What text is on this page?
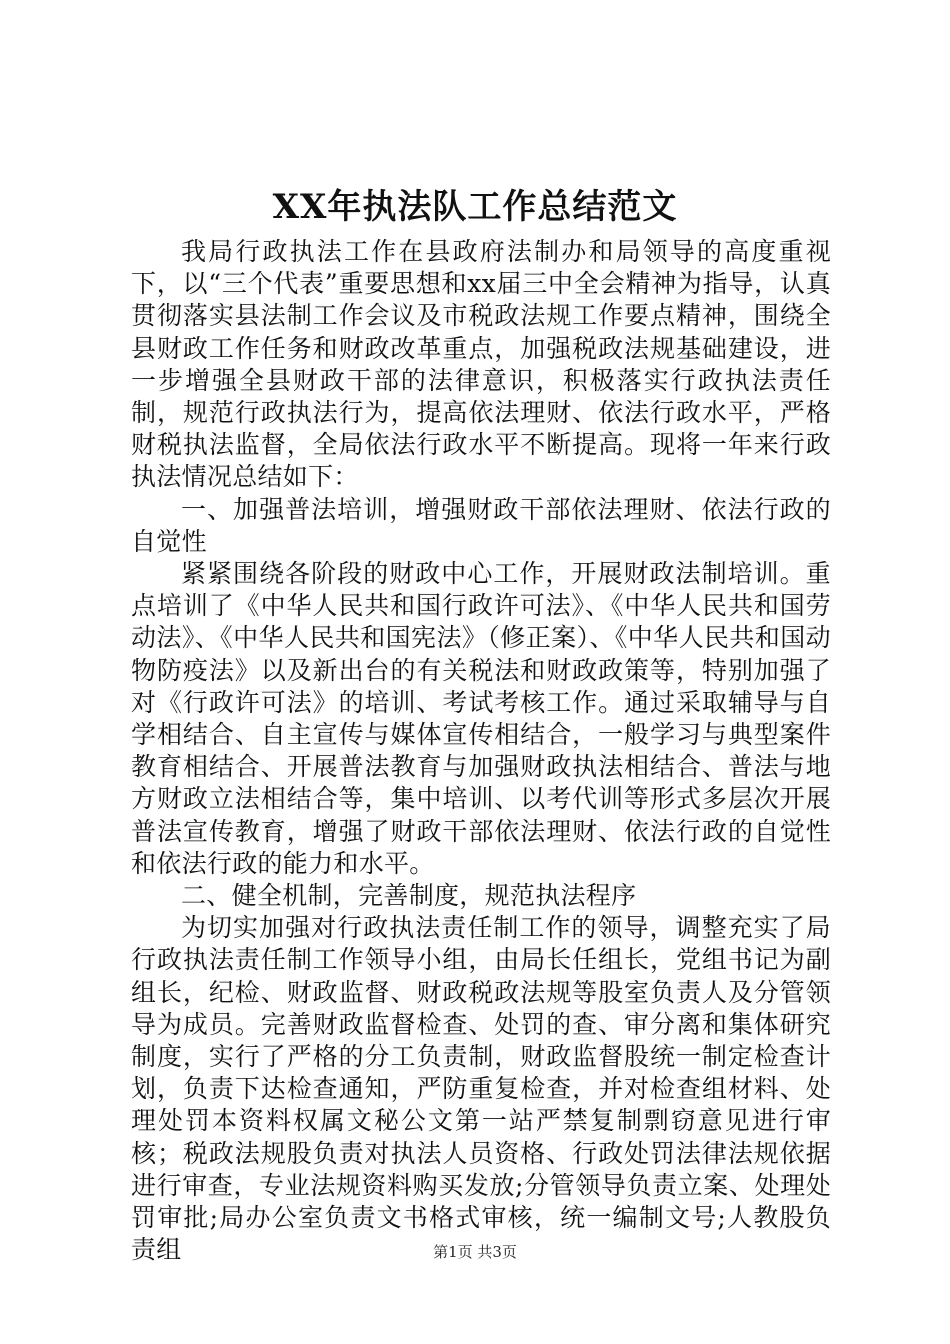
XX年执法队工作总结范文

我局行政执法工作在县政府法制办和局领导的高度重视下，以“三个代表”重要思想和xx届三中全会精神为指导，认真贯彻落实县法制工作会议及市税政法规工作要点精神，围绕全县财政工作任务和财政改革重点，加强税政法规基础建设，进一步增强全县财政干部的法律意识，积极落实行政执法责任制，规范行政执法行为，提高依法理财、依法行政水平，严格财税执法监督，全局依法行政水平不断提高。现将一年来行政执法情况总结如下：

一、加强普法培训，增强财政干部依法理财、依法行政的自觉性

紧紧围绕各阶段的财政中心工作，开展财政法制培训。重点培训了《中华人民共和国行政许可法》、《中华人民共和国劳动法》、《中华人民共和国宪法》（修正案）、《中华人民共和国动物防疫法》以及新出台的有关税法和财政政策等，特别加强了对《行政许可法》的培训、考试考核工作。通过采取辅导与自学相结合、自主宣传与媒体宣传相结合，一般学习与典型案件教育相结合、开展普法教育与加强财政执法相结合、普法与地方财政立法相结合等，集中培训、以考代训等形式多层次开展普法宣传教育，增强了财政干部依法理财、依法行政的自觉性和依法行政的能力和水平。

二、健全机制，完善制度，规范执法程序

为切实加强对行政执法责任制工作的领导，调整充实了局行政执法责任制工作领导小组，由局长任组长，党组书记为副组长，纪检、财政监督、财政税政法规等股室负责人及分管领导为成员。完善财政监督检查、处罚的查、审分离和集体研究制度，实行了严格的分工负责制，财政监督股统一制定检查计划，负责下达检查通知，严防重复检查，并对检查组材料、处理处罚本资料权属文秘公文第一站严禁复制剽窃意见进行审核；税政法规股负责对执法人员资格、行政处罚法律法规依据进行审查，专业法规资料购买发放;分管领导负责立案、处理处罚审批;局办公室负责文书格式审核，统一编制文号;人教股负责组	第1页 共3页
